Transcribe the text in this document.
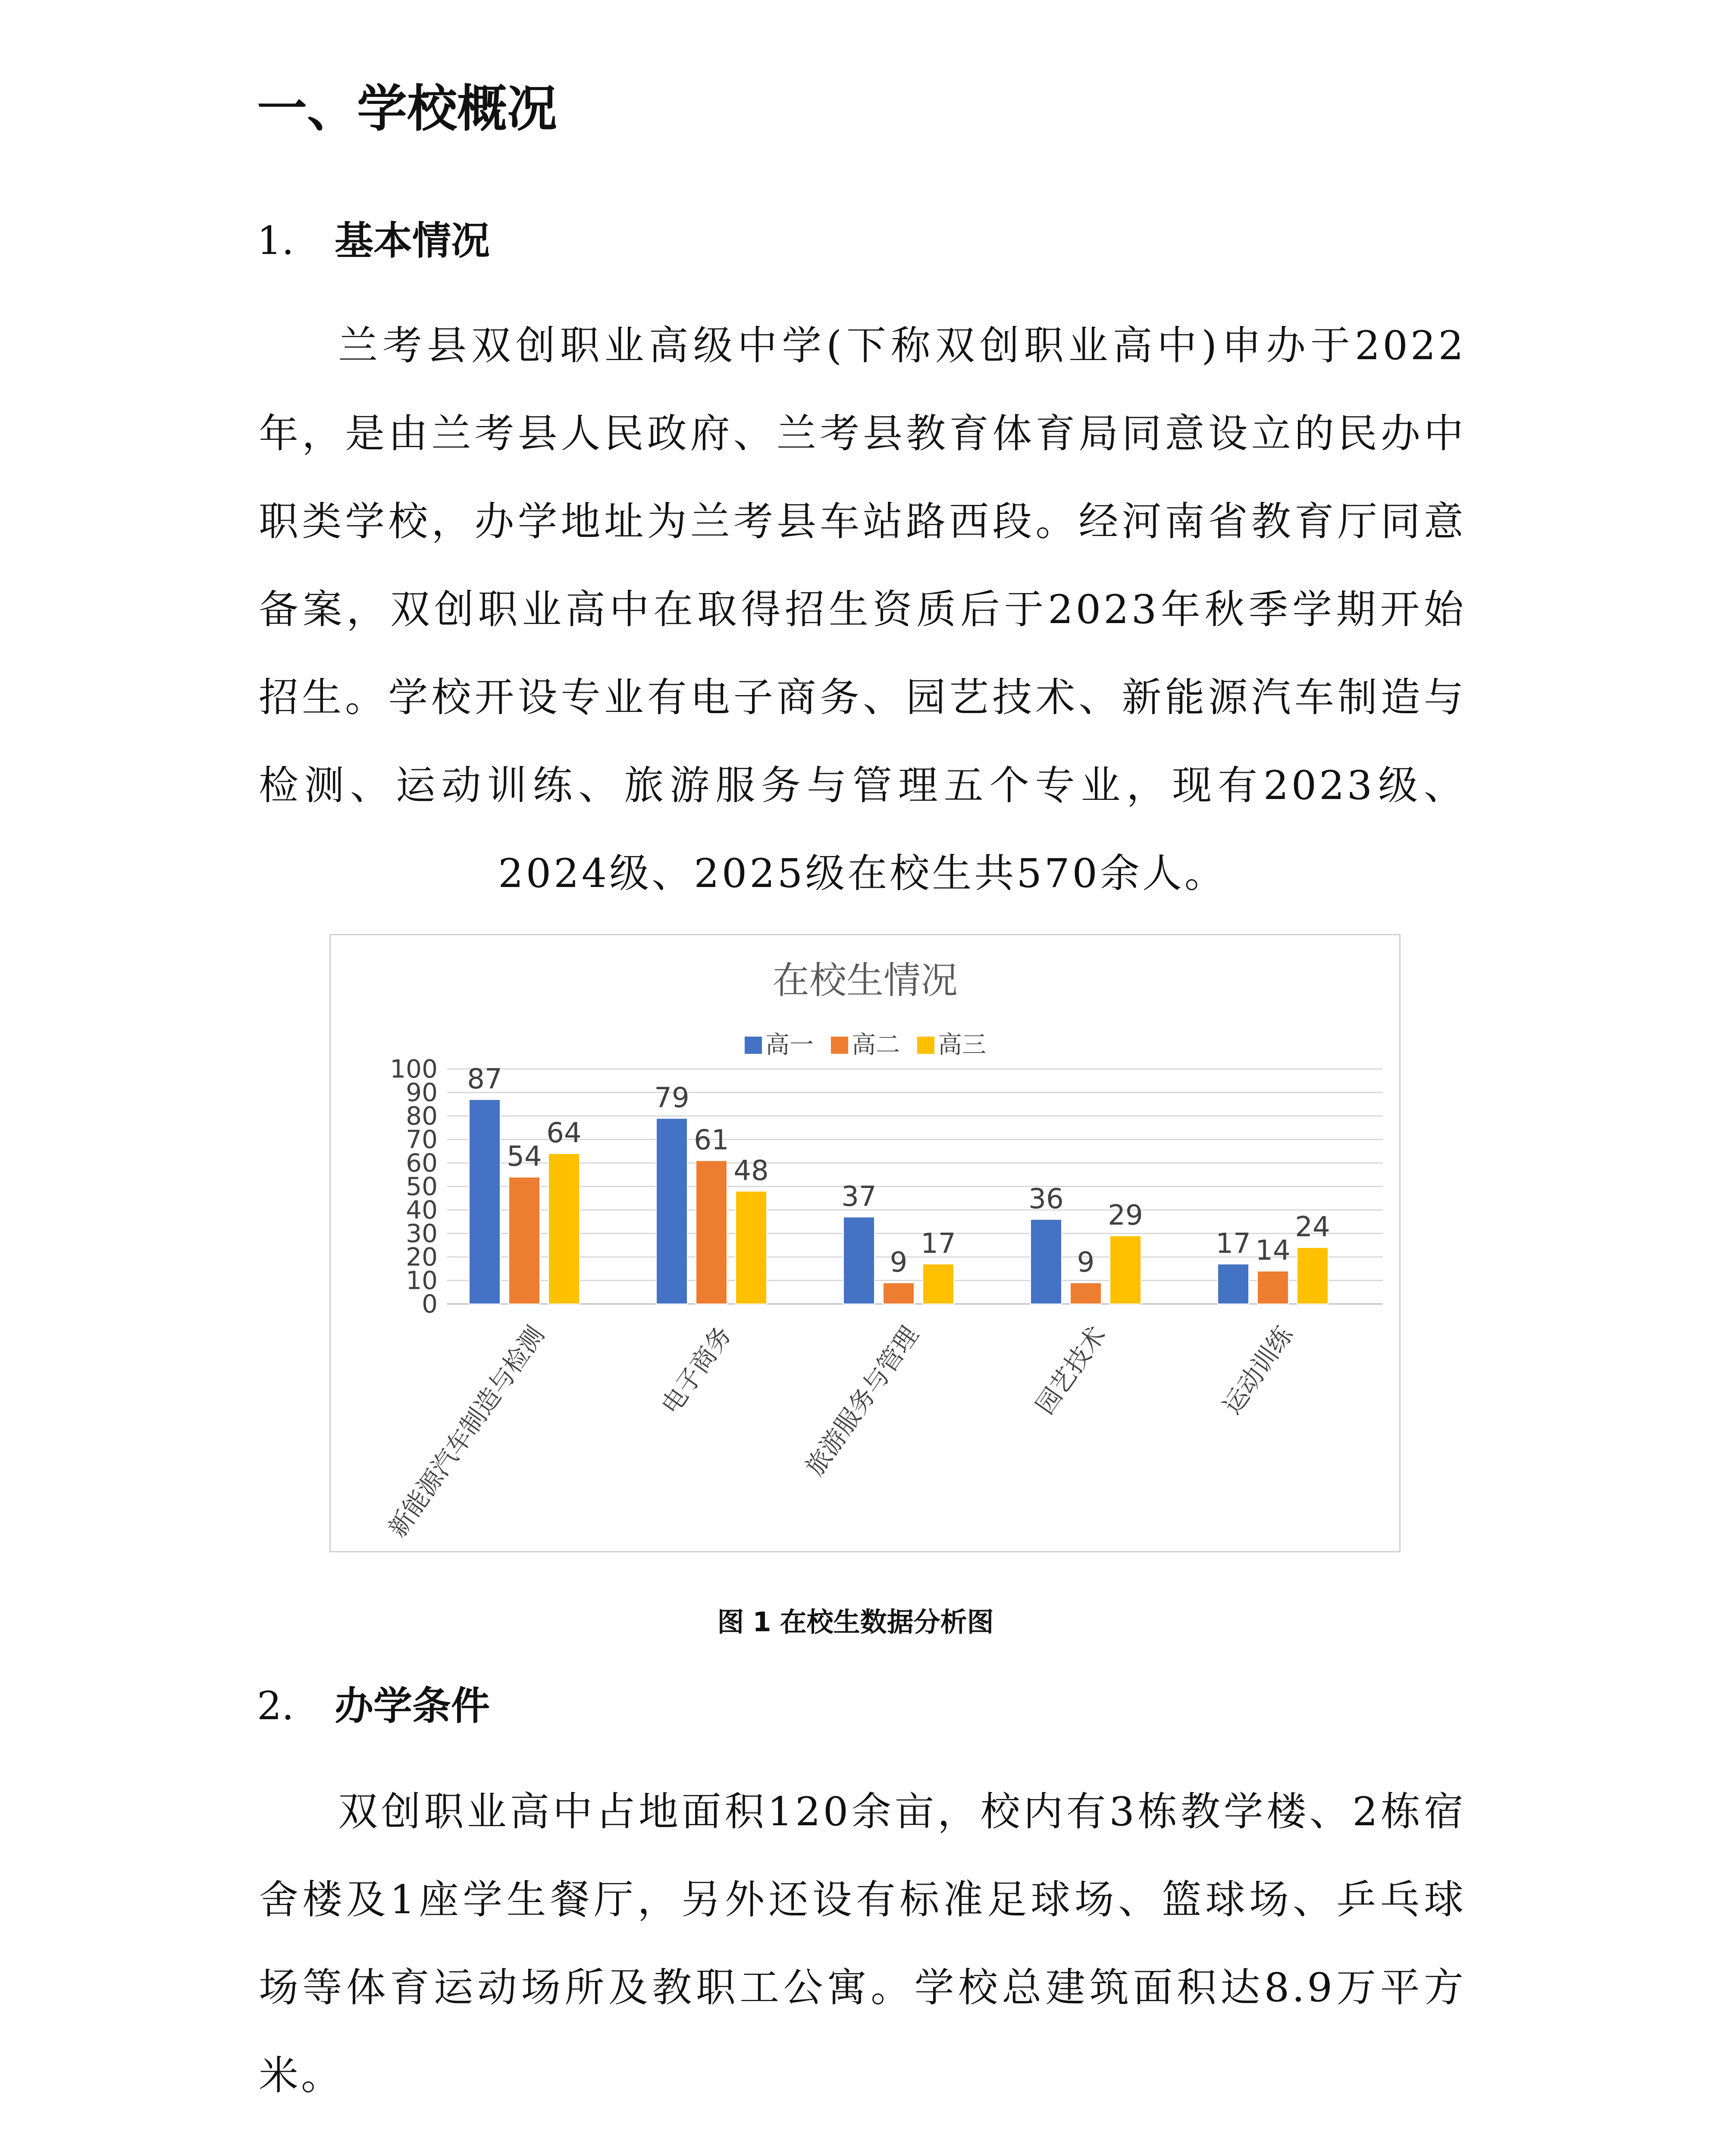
一、学校概况
1. 基本情况

兰考县双创职业高级中学(下称双创职业高中)申办于2022年，是由兰考县人民政府、兰考县教育体育局同意设立的民办中职类学校，办学地址为兰考县车站路西段。经河南省教育厅同意备案，双创职业高中在取得招生资质后于2023年秋季学期开始招生。学校开设专业有电子商务、园艺技术、新能源汽车制造与检测、运动训练、旅游服务与管理五个专业，现有2023级、2024级、2025级在校生共570余人。

在校生情况
高一 高二 高三
0
10
20
30
40
50
60
70
80
90
100 87
54
64
79
61
48
37
9
17
36
9
29
17 14
24
新能源汽车制造与检测	电子商务	旅游服务与管理	园艺技术	运动训练
图 1 在校生数据分析图
2. 办学条件

双创职业高中占地面积120余亩，校内有3栋教学楼、2栋宿舍楼及1座学生餐厅，另外还设有标准足球场、篮球场、乒乓球场等体育运动场所及教职工公寓。学校总建筑面积达8.9万平方米。
